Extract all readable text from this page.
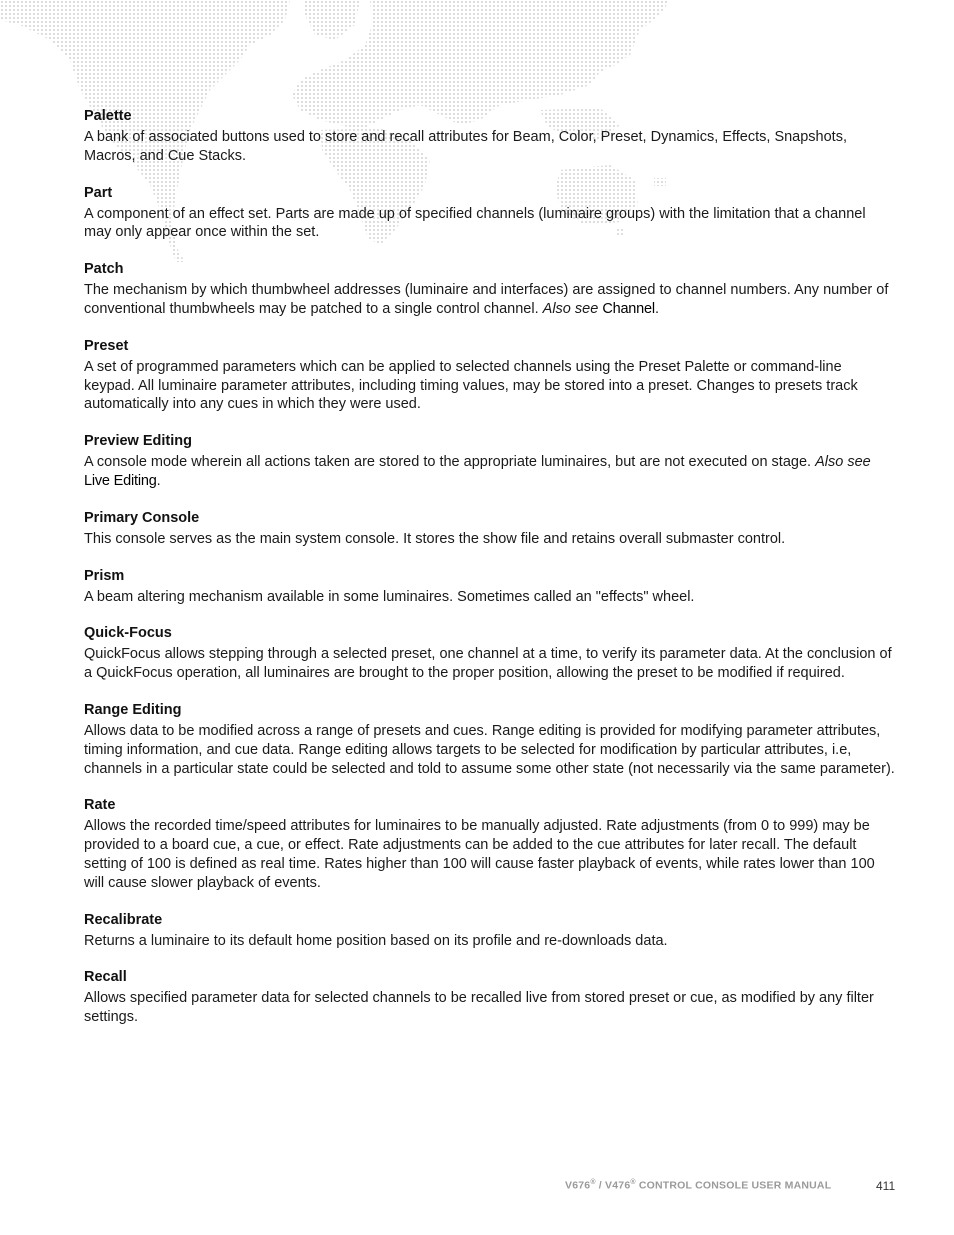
Palette
A bank of associated buttons used to store and recall attributes for Beam, Color, Preset, Dynamics, Effects, Snapshots, Macros, and Cue Stacks.
Part
A component of an effect set. Parts are made up of specified channels (luminaire groups) with the limitation that a channel may only appear once within the set.
Patch
The mechanism by which thumbwheel addresses (luminaire and interfaces) are assigned to channel numbers. Any number of conventional thumbwheels may be patched to a single control channel. Also see Channel.
Preset
A set of programmed parameters which can be applied to selected channels using the Preset Palette or command-line keypad. All luminaire parameter attributes, including timing values, may be stored into a preset. Changes to presets track automatically into any cues in which they were used.
Preview Editing
A console mode wherein all actions taken are stored to the appropriate luminaires, but are not executed on stage. Also see Live Editing.
Primary Console
This console serves as the main system console. It stores the show file and retains overall submaster control.
Prism
A beam altering mechanism available in some luminaires. Sometimes called an "effects" wheel.
Quick-Focus
QuickFocus allows stepping through a selected preset, one channel at a time, to verify its parameter data. At the conclusion of a QuickFocus operation, all luminaires are brought to the proper position, allowing the preset to be modified if required.
Range Editing
Allows data to be modified across a range of presets and cues. Range editing is provided for modifying parameter attributes, timing information, and cue data. Range editing allows targets to be selected for modification by particular attributes, i.e, channels in a particular state could be selected and told to assume some other state (not necessarily via the same parameter).
Rate
Allows the recorded time/speed attributes for luminaires to be manually adjusted. Rate adjustments (from 0 to 999) may be provided to a board cue, a cue, or effect. Rate adjustments can be added to the cue attributes for later recall. The default setting of 100 is defined as real time. Rates higher than 100 will cause faster playback of events, while rates lower than 100 will cause slower playback of events.
Recalibrate
Returns a luminaire to its default home position based on its profile and re-downloads data.
Recall
Allows specified parameter data for selected channels to be recalled live from stored preset or cue, as modified by any filter settings.
V676® / V476® CONTROL CONSOLE USER MANUAL	411
